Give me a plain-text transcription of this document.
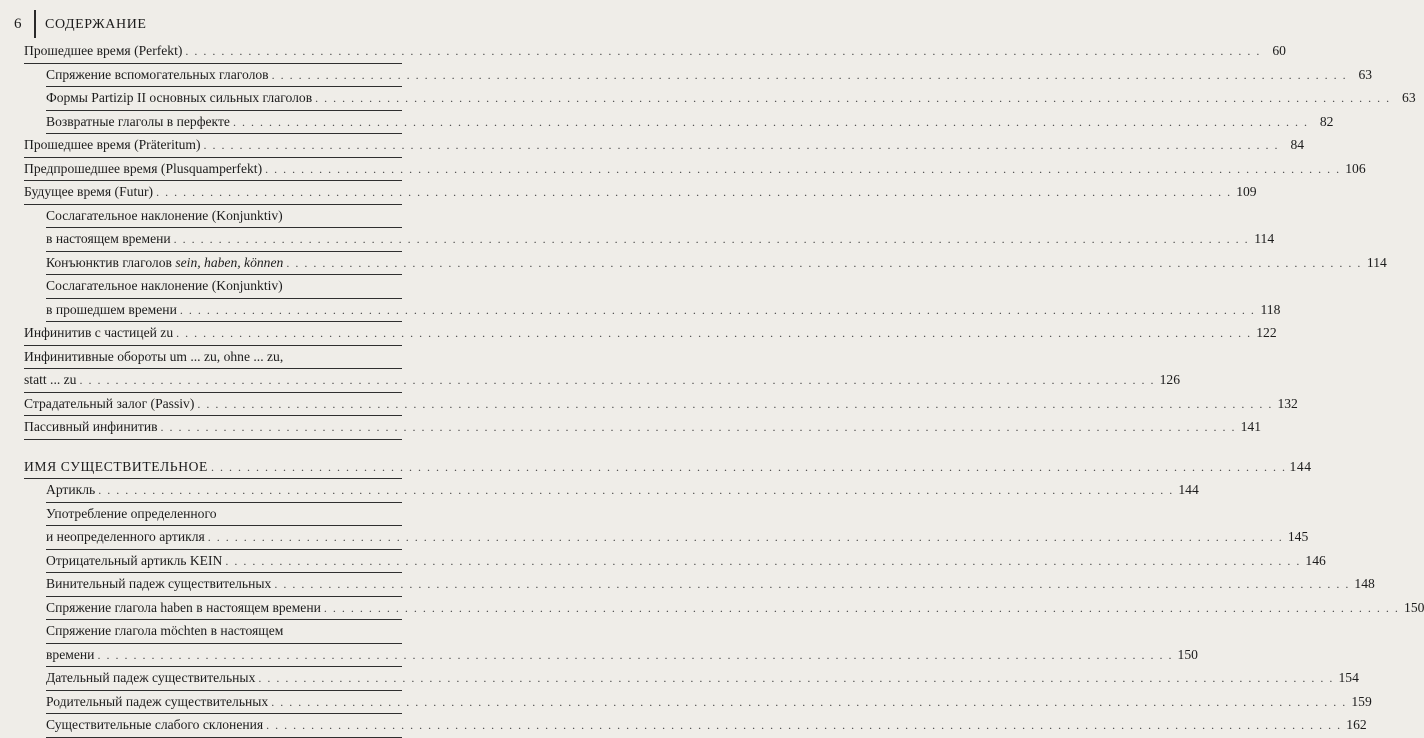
6 СОДЕРЖАНИЕ
Прошедшее время (Perfekt) . . . . . . . . . . . . . . . . . . . . . . . . . . . . . . . . . . . . . . . . . . . . . . . . . . . . . . . . . . . . . . . . . . . . . . . . . . . . . . . . . . . . . . . . . . . . . . . . . . . . . . . . . . . . . . . . . . . . . . . . 60
Спряжение вспомогательных глаголов . . . . . . . . . . . . . . . . . . . . . . . . . . . . . . . . . . . . . . . . . . . . . . . . . . . . . . . . . . . . . . . . . . . . . . . . . . . . . . . . . . . . . . . . . . . . . . . . . . . . . . . . . . . . . . . . . . . . . . . . 63
Формы Partizip II основных сильных глаголов . . . . . . . . . . . . . . . . . . . . . . . . . . . . . . . . . . . . . . . . . . . . . . . . . . . . . . . . . . . . . . . . . . . . . . . . . . . . . . . . . . . . . . . . . . . . . . . . . . . . . . . . . . . . . . . . . . . . . . . . 63
Возвратные глаголы в перфекте . . . . . . . . . . . . . . . . . . . . . . . . . . . . . . . . . . . . . . . . . . . . . . . . . . . . . . . . . . . . . . . . . . . . . . . . . . . . . . . . . . . . . . . . . . . . . . . . . . . . . . . . . . . . . . . . . . . . . . . . 82
Прошедшее время (Präteritum) . . . . . . . . . . . . . . . . . . . . . . . . . . . . . . . . . . . . . . . . . . . . . . . . . . . . . . . . . . . . . . . . . . . . . . . . . . . . . . . . . . . . . . . . . . . . . . . . . . . . . . . . . . . . . . . . . . . . . . . . 84
Предпрошедшее время (Plusquamperfekt) . . . . . . . . . . . . . . . . . . . . . . . . . . . . . . . . . . . . . . . . . . . . . . . . . . . . . . . . . . . . . . . . . . . . . . . . . . . . . . . . . . . . . . . . . . . . . . . . . . . . . . . . . . . . . . . . . . . . . . . . 106
Будущее время (Futur) . . . . . . . . . . . . . . . . . . . . . . . . . . . . . . . . . . . . . . . . . . . . . . . . . . . . . . . . . . . . . . . . . . . . . . . . . . . . . . . . . . . . . . . . . . . . . . . . . . . . . . . . . . . . . . . . . . . . . . . . 109
Сослагательное наклонение (Konjunktiv)
в настоящем времени . . . . . . . . . . . . . . . . . . . . . . . . . . . . . . . . . . . . . . . . . . . . . . . . . . . . . . . . . . . . . . . . . . . . . . . . . . . . . . . . . . . . . . . . . . . . . . . . . . . . . . . . . . . . . . . . . . . . . . . . 114
Конъюнктив глаголов sein, haben, können . . . . . . . . . . . . . . . . . . . . . . . . . . . . . . . . . . . . . . . . . . . . . . . . . . . . . . . . . . . . . . . . . . . . . . . . . . . . . . . . . . . . . . . . . . . . . . . . . . . . . . . . . . . . . . . . . . . . . . . . 114
Сослагательное наклонение (Konjunktiv)
в прошедшем времени . . . . . . . . . . . . . . . . . . . . . . . . . . . . . . . . . . . . . . . . . . . . . . . . . . . . . . . . . . . . . . . . . . . . . . . . . . . . . . . . . . . . . . . . . . . . . . . . . . . . . . . . . . . . . . . . . . . . . . . . 118
Инфинитив с частицей zu . . . . . . . . . . . . . . . . . . . . . . . . . . . . . . . . . . . . . . . . . . . . . . . . . . . . . . . . . . . . . . . . . . . . . . . . . . . . . . . . . . . . . . . . . . . . . . . . . . . . . . . . . . . . . . . . . . . . . . . . 122
Инфинитивные обороты um ... zu, ohne ... zu,
statt ... zu . . . . . . . . . . . . . . . . . . . . . . . . . . . . . . . . . . . . . . . . . . . . . . . . . . . . . . . . . . . . . . . . . . . . . . . . . . . . . . . . . . . . . . . . . . . . . . . . . . . . . . . . . . . . . . . . . . . . . . . . 126
Страдательный залог (Passiv) . . . . . . . . . . . . . . . . . . . . . . . . . . . . . . . . . . . . . . . . . . . . . . . . . . . . . . . . . . . . . . . . . . . . . . . . . . . . . . . . . . . . . . . . . . . . . . . . . . . . . . . . . . . . . . . . . . . . . . . . 132
Пассивный инфинитив . . . . . . . . . . . . . . . . . . . . . . . . . . . . . . . . . . . . . . . . . . . . . . . . . . . . . . . . . . . . . . . . . . . . . . . . . . . . . . . . . . . . . . . . . . . . . . . . . . . . . . . . . . . . . . . . . . . . . . . . 141
ИМЯ СУЩЕСТВИТЕЛЬНОЕ . . . . . . . . . . . . . . . . . . . . . . . . . . . . . . . . . . . . . . . . . . . . . . . . . . . . . . . . . . . . . . . . . . . . . . . . . . . . . . . . . . . . . . . . . . . . . . . . . . . . . . . . . . . . . . . . . . . . . . . . 144
Артикль . . . . . . . . . . . . . . . . . . . . . . . . . . . . . . . . . . . . . . . . . . . . . . . . . . . . . . . . . . . . . . . . . . . . . . . . . . . . . . . . . . . . . . . . . . . . . . . . . . . . . . . . . . . . . . . . . . . . . . . . 144
Употребление определенного
и неопределенного артикля . . . . . . . . . . . . . . . . . . . . . . . . . . . . . . . . . . . . . . . . . . . . . . . . . . . . . . . . . . . . . . . . . . . . . . . . . . . . . . . . . . . . . . . . . . . . . . . . . . . . . . . . . . . . . . . . . . . . . . . . 145
Отрицательный артикль KEIN . . . . . . . . . . . . . . . . . . . . . . . . . . . . . . . . . . . . . . . . . . . . . . . . . . . . . . . . . . . . . . . . . . . . . . . . . . . . . . . . . . . . . . . . . . . . . . . . . . . . . . . . . . . . . . . . . . . . . . . . 146
Винительный падеж существительных . . . . . . . . . . . . . . . . . . . . . . . . . . . . . . . . . . . . . . . . . . . . . . . . . . . . . . . . . . . . . . . . . . . . . . . . . . . . . . . . . . . . . . . . . . . . . . . . . . . . . . . . . . . . . . . . . . . . . . . . 148
Спряжение глагола haben в настоящем времени . . . . . . . . . . . . . . . . . . . . . . . . . . . . . . . . . . . . . . . . . . . . . . . . . . . . . . . . . . . . . . . . . . . . . . . . . . . . . . . . . . . . . . . . . . . . . . . . . . . . . . . . . . . . . . . . . . . . . . . . 150
Спряжение глагола möchten в настоящем
времени . . . . . . . . . . . . . . . . . . . . . . . . . . . . . . . . . . . . . . . . . . . . . . . . . . . . . . . . . . . . . . . . . . . . . . . . . . . . . . . . . . . . . . . . . . . . . . . . . . . . . . . . . . . . . . . . . . . . . . . . 150
Дательный падеж существительных . . . . . . . . . . . . . . . . . . . . . . . . . . . . . . . . . . . . . . . . . . . . . . . . . . . . . . . . . . . . . . . . . . . . . . . . . . . . . . . . . . . . . . . . . . . . . . . . . . . . . . . . . . . . . . . . . . . . . . . . 154
Родительный падеж существительных . . . . . . . . . . . . . . . . . . . . . . . . . . . . . . . . . . . . . . . . . . . . . . . . . . . . . . . . . . . . . . . . . . . . . . . . . . . . . . . . . . . . . . . . . . . . . . . . . . . . . . . . . . . . . . . . . . . . . . . . 159
Существительные слабого склонения . . . . . . . . . . . . . . . . . . . . . . . . . . . . . . . . . . . . . . . . . . . . . . . . . . . . . . . . . . . . . . . . . . . . . . . . . . . . . . . . . . . . . . . . . . . . . . . . . . . . . . . . . . . . . . . . . . . . . . . . 162
